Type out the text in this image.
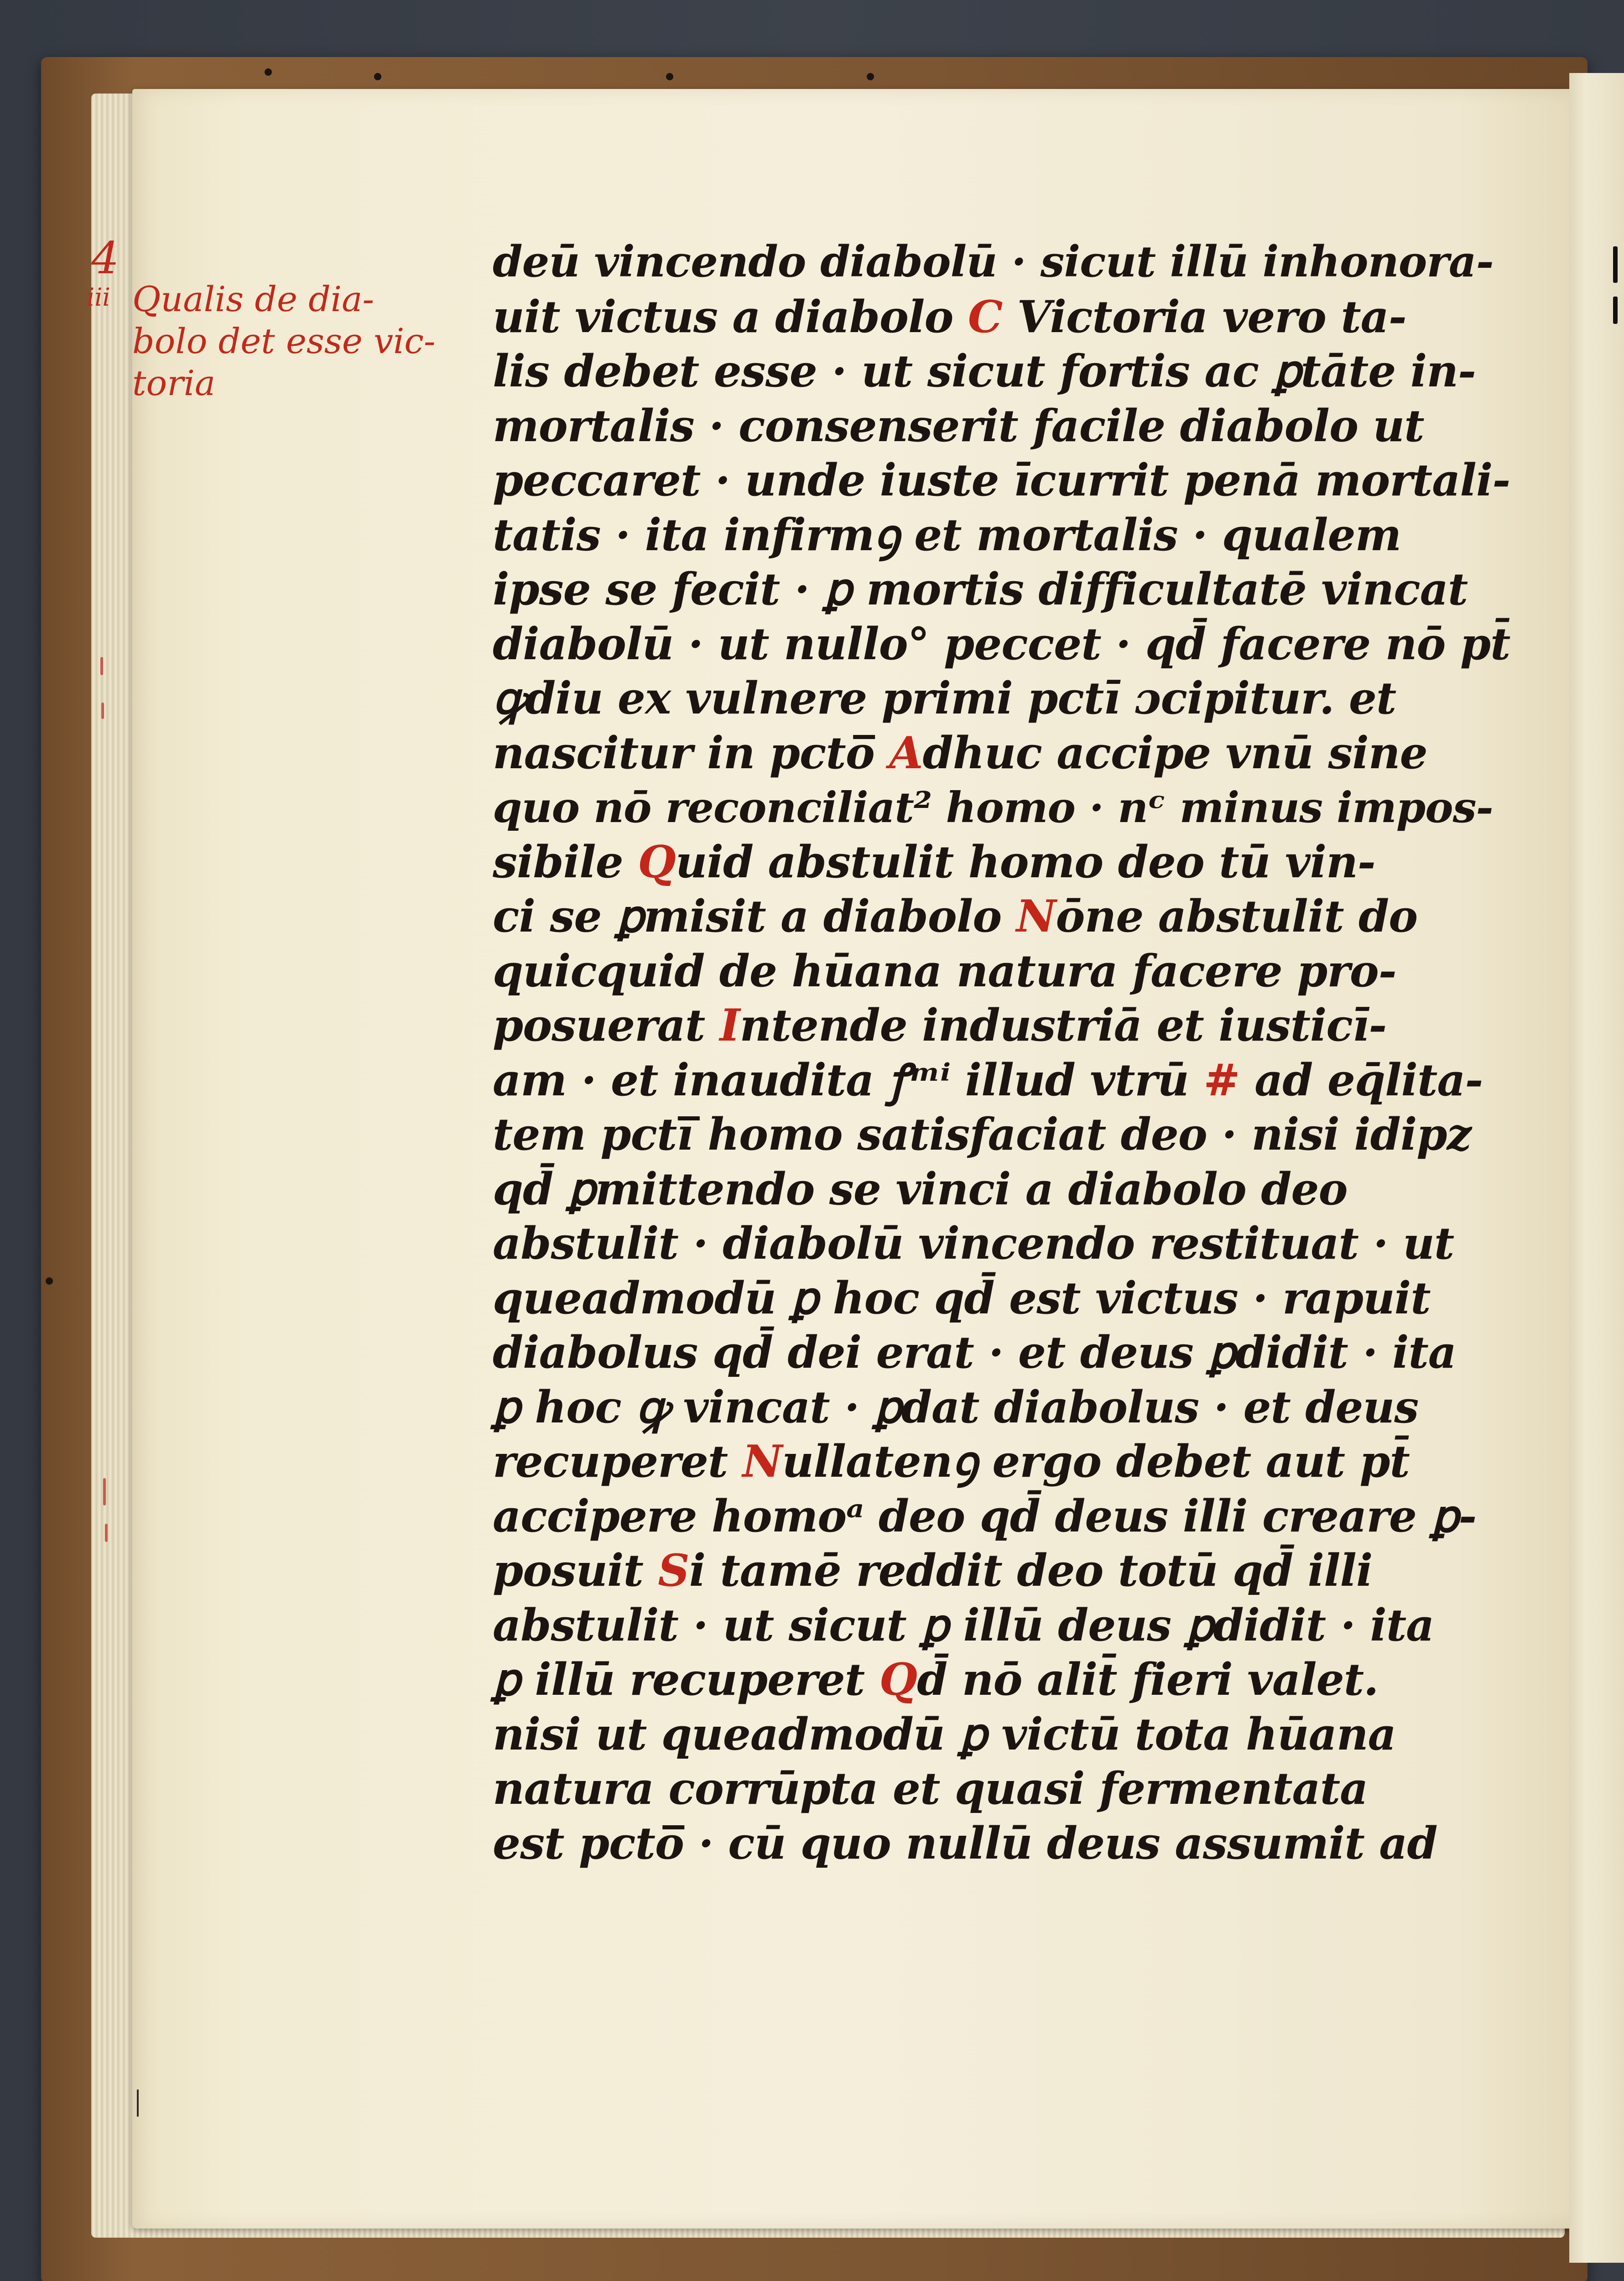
4
iii Qualis de dia-
bolo det esse vic-
toria
deū vincendo diabolū · sicut illū inhonora-
uit victus a diabolo C Victoria vero ta-
lis debet esse · ut sicut fortis ac ꝑtāte in-
mortalis · consenserit facile diabolo ut
peccaret · unde iuste īcurrit penā mortali-
tatis · ita infirmꝯ et mortalis · qualem
ipse se fecit · ꝑ mortis difficultatē vincat
diabolū · ut nullo° peccet · qd̄ facere nō pt̄
ꝙdiu ex vulnere primi pctī ɔcipitur. et
nascitur in pcto̅ Adhuc accipe vnū sine
quo nō reconciliat² homo · nᶜ minus impos-
sibile Quid abstulit homo deo tū vin-
ci se ꝑmisit a diabolo Nōne abstulit do
quicquid de hūana natura facere pro-
posuerat Intende industriā et iusticī-
am · et inaudita ꝭᵐⁱ illud vtrū # ad eq̄lita-
tem pcti̅ homo satisfaciat deo · nisi idipz
qd̄ ꝑmittendo se vinci a diabolo deo
abstulit · diabolū vincendo restituat · ut
queadmodū ꝑ hoc qd̄ est victus · rapuit
diabolus qd̄ dei erat · et deus ꝑdidit · ita
ꝑ hoc ꝙ vincat · ꝑdat diabolus · et deus
recuperet Nullatenꝯ ergo debet aut pt̄
accipere homoᵃ deo qd̄ deus illi creare ꝑ-
posuit Si tamē reddit deo totū qd̄ illi
abstulit · ut sicut ꝑ illū deus ꝑdidit · ita
ꝑ illū recuperet Qd̄ nō alit̄ fieri valet.
nisi ut queadmodū ꝑ victū tota hūana
natura corrūpta et quasi fermentata
est pcto̅ · cū quo nullū deus assumit ad
